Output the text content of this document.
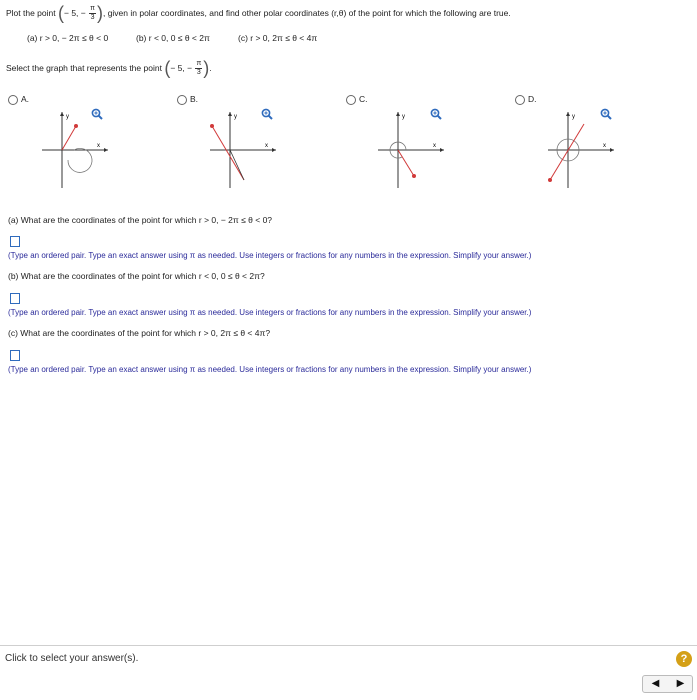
Plot the point (− 5, − $\frac{\pi}{3}$ ), given in polar coordinates, and find other polar coordinates (r,θ) of the point for which the following are true.
(a) r > 0, − 2π ≤ θ < 0	(b) r < 0, 0 ≤ θ < 2π	(c) r > 0, 2π ≤ θ < 4π
Select the graph that represents the point (− 5, − $\frac{\pi}{3}$ ).
A.	B.	C.	D.
x
y
x
y
x
y
x
y
(a) What are the coordinates of the point for which r > 0, − 2π ≤ θ < 0?
(Type an ordered pair. Type an exact answer using π as needed. Use integers or fractions for any numbers in the expression. Simplify your answer.)
(b) What are the coordinates of the point for which r < 0, 0 ≤ θ < 2π?
(Type an ordered pair. Type an exact answer using π as needed. Use integers or fractions for any numbers in the expression. Simplify your answer.)
(c) What are the coordinates of the point for which r > 0, 2π ≤ θ < 4π?
(Type an ordered pair. Type an exact answer using π as needed. Use integers or fractions for any numbers in the expression. Simplify your answer.)
Click to select your answer(s).	?
◀	▶
